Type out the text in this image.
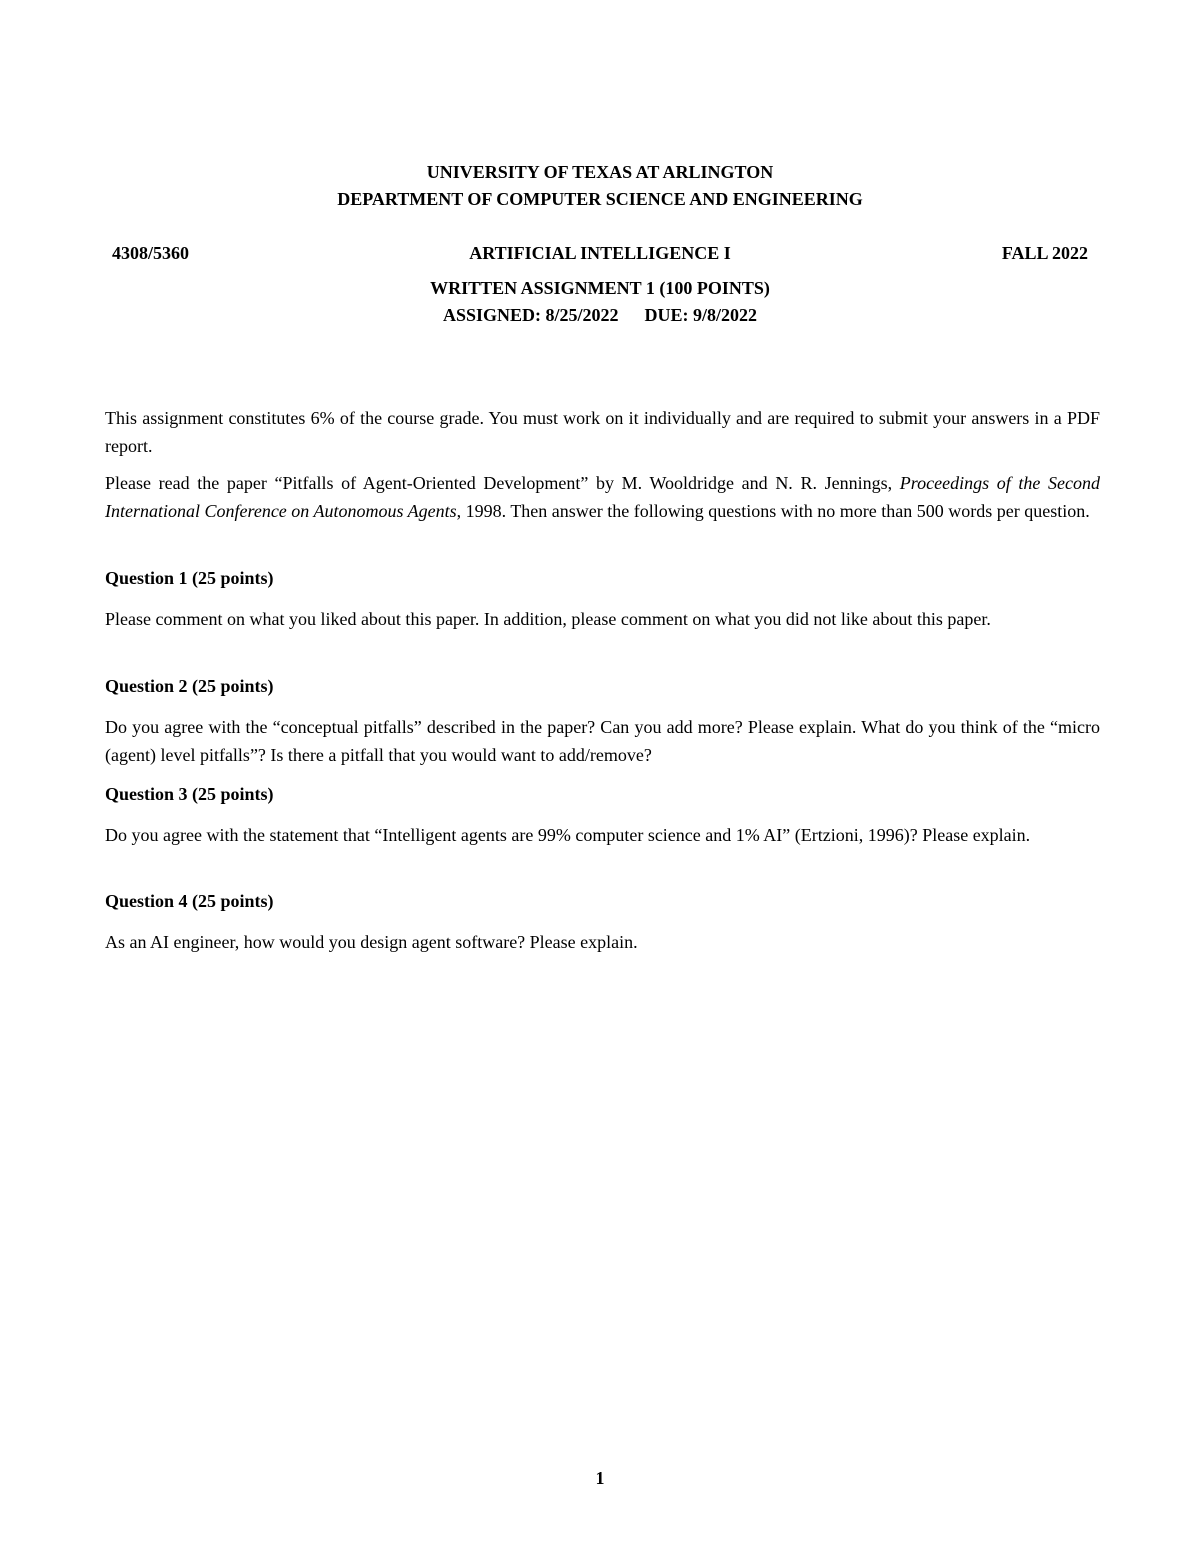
UNIVERSITY OF TEXAS AT ARLINGTON
DEPARTMENT OF COMPUTER SCIENCE AND ENGINEERING
4308/5360	ARTIFICIAL INTELLIGENCE I	FALL 2022
WRITTEN ASSIGNMENT 1 (100 POINTS)
ASSIGNED: 8/25/2022 DUE: 9/8/2022

This assignment constitutes 6% of the course grade. You must work on it individually and are required to submit your answers in a PDF report.

Please read the paper “Pitfalls of Agent-Oriented Development” by M. Wooldridge and N. R. Jennings, Proceedings of the Second International Conference on Autonomous Agents, 1998. Then answer the following questions with no more than 500 words per question.

Question 1 (25 points)

Please comment on what you liked about this paper. In addition, please comment on what you did not like about this paper.

Question 2 (25 points)

Do you agree with the “conceptual pitfalls” described in the paper? Can you add more? Please explain. What do you think of the “micro (agent) level pitfalls”? Is there a pitfall that you would want to add/remove?

Question 3 (25 points)

Do you agree with the statement that “Intelligent agents are 99% computer science and 1% AI” (Ertzioni, 1996)? Please explain.

Question 4 (25 points)

As an AI engineer, how would you design agent software? Please explain.

1
